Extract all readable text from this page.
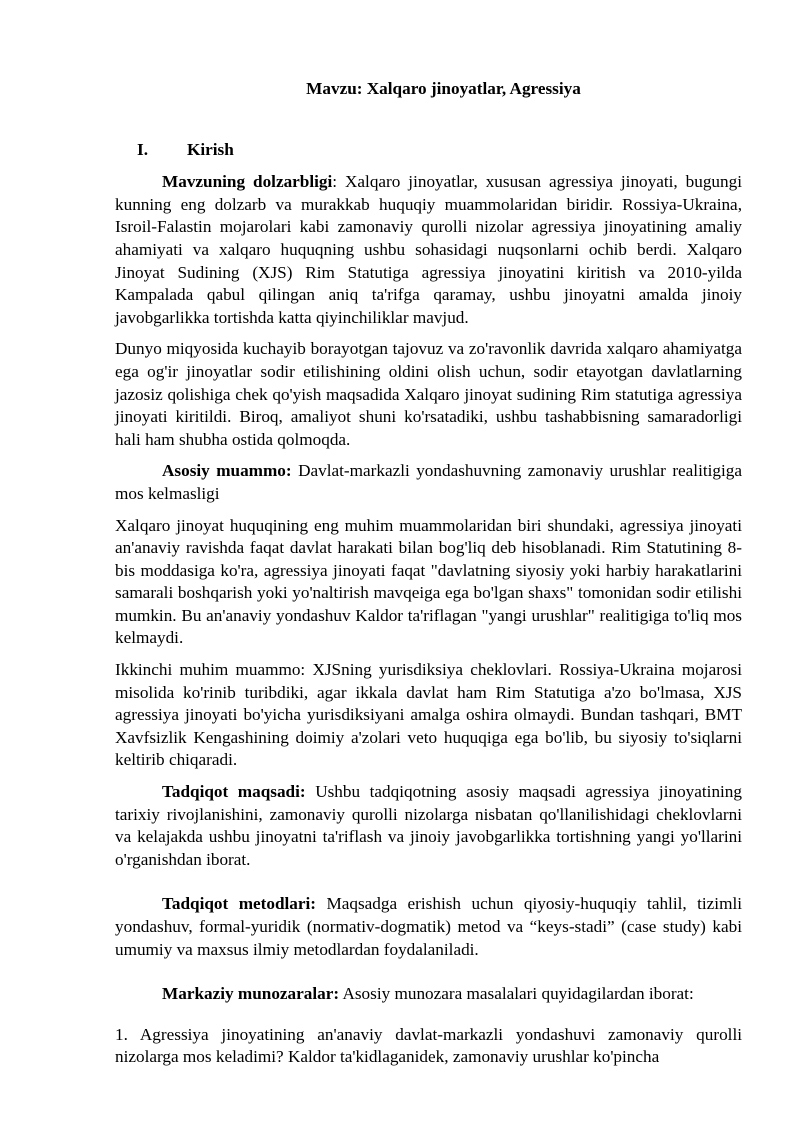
Mavzu: Xalqaro jinoyatlar, Agressiya
I.	Kirish

Mavzuning dolzarbligi: Xalqaro jinoyatlar, xususan agressiya jinoyati, bugungi kunning eng dolzarb va murakkab huquqiy muammolaridan biridir. Rossiya-Ukraina, Isroil-Falastin mojarolari kabi zamonaviy qurolli nizolar agressiya jinoyatining amaliy ahamiyati va xalqaro huquqning ushbu sohasidagi nuqsonlarni ochib berdi. Xalqaro Jinoyat Sudining (XJS) Rim Statutiga agressiya jinoyatini kiritish va 2010-yilda Kampalada qabul qilingan aniq ta'rifga qaramay, ushbu jinoyatni amalda jinoiy javobgarlikka tortishda katta qiyinchiliklar mavjud.

Dunyo miqyosida kuchayib borayotgan tajovuz va zo'ravonlik davrida xalqaro ahamiyatga ega og'ir jinoyatlar sodir etilishining oldini olish uchun, sodir etayotgan davlatlarning jazosiz qolishiga chek qo'yish maqsadida Xalqaro jinoyat sudining Rim statutiga agressiya jinoyati kiritildi. Biroq, amaliyot shuni ko'rsatadiki, ushbu tashabbisning samaradorligi hali ham shubha ostida qolmoqda.

Asosiy muammo: Davlat-markazli yondashuvning zamonaviy urushlar realitigiga mos kelmasligi

Xalqaro jinoyat huquqining eng muhim muammolaridan biri shundaki, agressiya jinoyati an'anaviy ravishda faqat davlat harakati bilan bog'liq deb hisoblanadi. Rim Statutining 8-bis moddasiga ko'ra, agressiya jinoyati faqat "davlatning siyosiy yoki harbiy harakatlarini samarali boshqarish yoki yo'naltirish mavqeiga ega bo'lgan shaxs" tomonidan sodir etilishi mumkin. Bu an'anaviy yondashuv Kaldor ta'riflagan "yangi urushlar" realitigiga to'liq mos kelmaydi.

Ikkinchi muhim muammo: XJSning yurisdiksiya cheklovlari. Rossiya-Ukraina mojarosi misolida ko'rinib turibdiki, agar ikkala davlat ham Rim Statutiga a'zo bo'lmasa, XJS agressiya jinoyati bo'yicha yurisdiksiyani amalga oshira olmaydi. Bundan tashqari, BMT Xavfsizlik Kengashining doimiy a'zolari veto huquqiga ega bo'lib, bu siyosiy to'siqlarni keltirib chiqaradi.

Tadqiqot maqsadi: Ushbu tadqiqotning asosiy maqsadi agressiya jinoyatining tarixiy rivojlanishini, zamonaviy qurolli nizolarga nisbatan qo'llanilishidagi cheklovlarni va kelajakda ushbu jinoyatni ta'riflash va jinoiy javobgarlikka tortishning yangi yo'llarini o'rganishdan iborat.

Tadqiqot metodlari: Maqsadga erishish uchun qiyosiy-huquqiy tahlil, tizimli yondashuv, formal-yuridik (normativ-dogmatik) metod va “keys-stadi” (case study) kabi umumiy va maxsus ilmiy metodlardan foydalaniladi.

Markaziy munozaralar: Asosiy munozara masalalari quyidagilardan iborat:

1. Agressiya jinoyatining an'anaviy davlat-markazli yondashuvi zamonaviy qurolli nizolarga mos keladimi? Kaldor ta'kidlaganidek, zamonaviy urushlar ko'pincha
